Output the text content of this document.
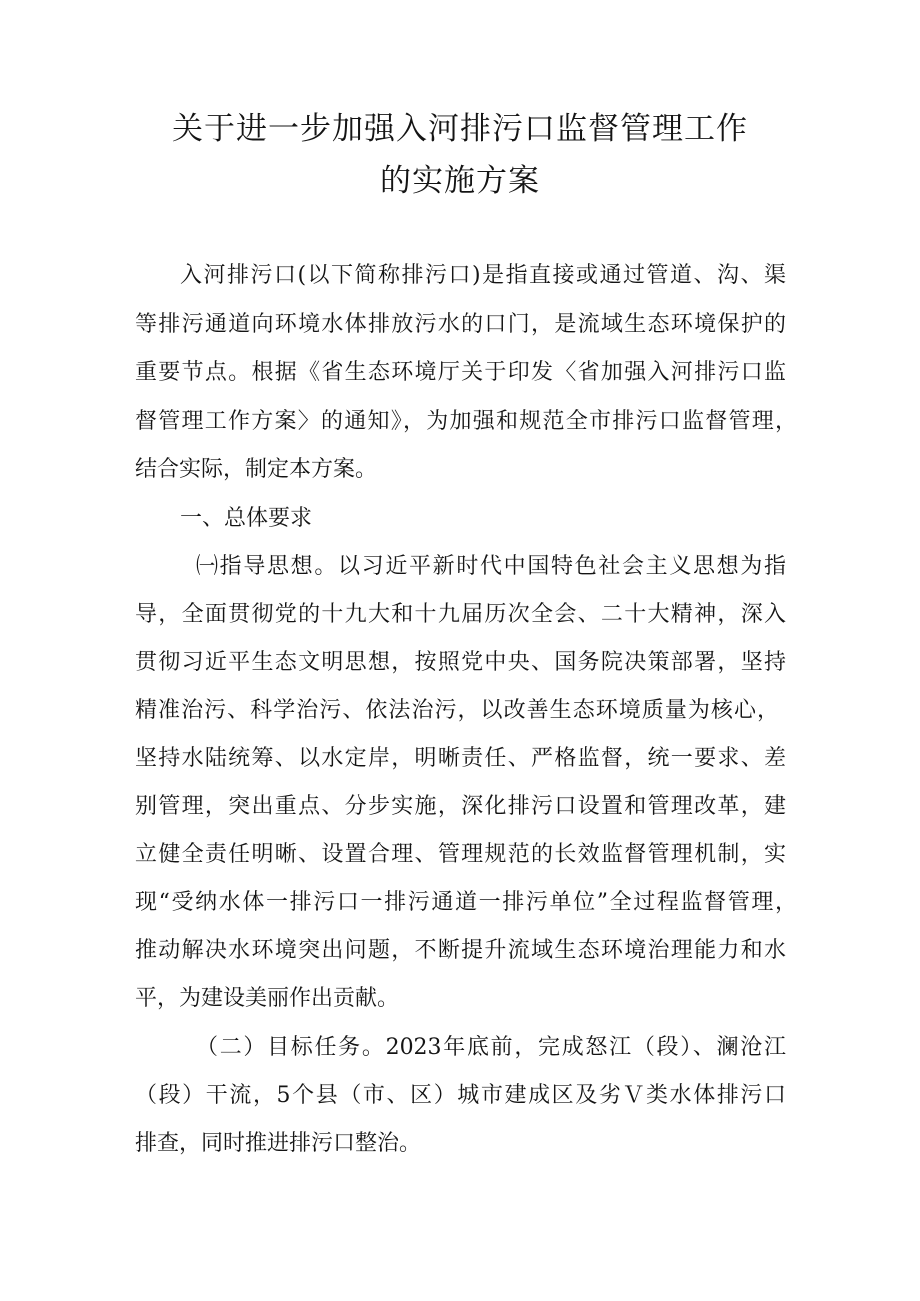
关于进一步加强入河排污口监督管理工作
的实施方案

入河排污口(以下简称排污口)是指直接或通过管道、沟、渠

等排污通道向环境水体排放污水的口门，是流域生态环境保护的

重要节点。根据《省生态环境厅关于印发〈省加强入河排污口监

督管理工作方案〉的通知》，为加强和规范全市排污口监督管理，

结合实际，制定本方案。

一、总体要求

㈠指导思想。以习近平新时代中国特色社会主义思想为指

导，全面贯彻党的十九大和十九届历次全会、二十大精神，深入

贯彻习近平生态文明思想，按照党中央、国务院决策部署，坚持

精准治污、科学治污、依法治污，以改善生态环境质量为核心，

坚持水陆统筹、以水定岸，明晰责任、严格监督，统一要求、差

别管理，突出重点、分步实施，深化排污口设置和管理改革，建

立健全责任明晰、设置合理、管理规范的长效监督管理机制，实

现“受纳水体一排污口一排污通道一排污单位”全过程监督管理，

推动解决水环境突出问题，不断提升流域生态环境治理能力和水

平，为建设美丽作出贡献。

（二）目标任务。2023年底前，完成怒江（段）、澜沧江

（段）干流，5个县（市、区）城市建成区及劣Ｖ类水体排污口

排查，同时推进排污口整治。
